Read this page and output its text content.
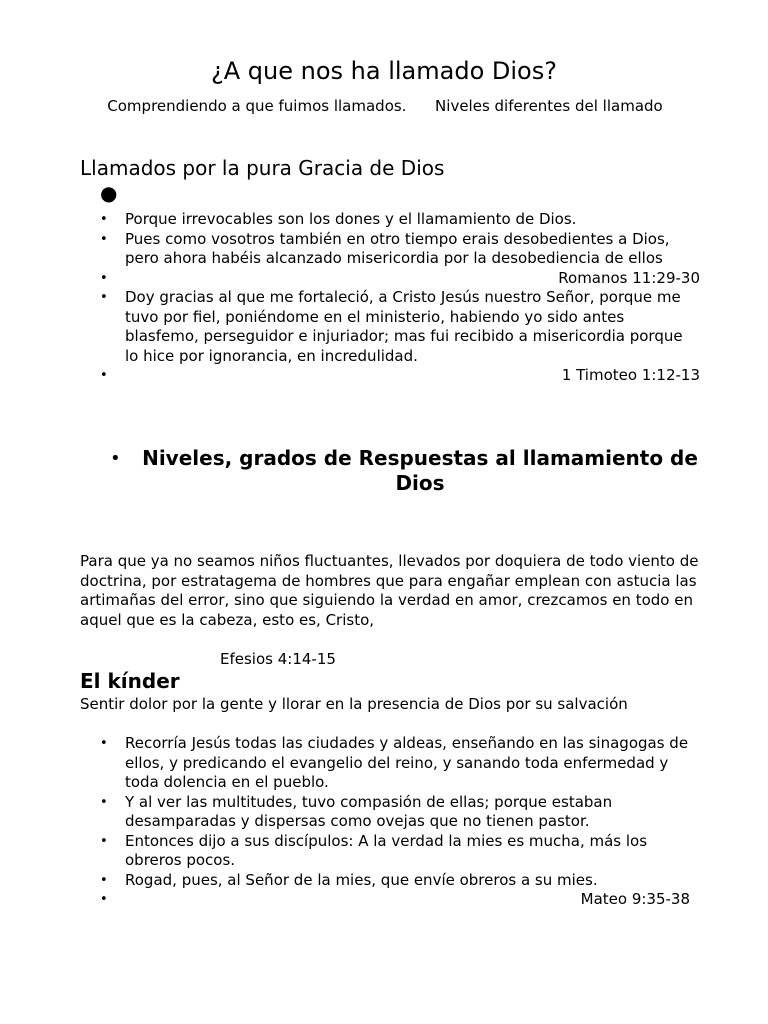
¿A que nos ha llamado Dios?

Comprendiendo a que fuimos llamados.      Niveles diferentes del llamado

Llamados por la pura Gracia de Dios
●
• Porque irrevocables son los dones y el llamamiento de Dios.
• Pues como vosotros también en otro tiempo erais desobedientes a Dios, pero ahora habéis alcanzado misericordia por la desobediencia de ellos
•	Romanos 11:29-30
• Doy gracias al que me fortaleció, a Cristo Jesús nuestro Señor, porque me tuvo por fiel, poniéndome en el ministerio, habiendo yo sido antes blasfemo, perseguidor e injuriador; mas fui recibido a misericordia porque lo hice por ignorancia, en incredulidad.
•	1 Timoteo 1:12-13
•	Niveles, grados de Respuestas al llamamiento de Dios

Para que ya no seamos niños fluctuantes, llevados por doquiera de todo viento de doctrina, por estratagema de hombres que para engañar emplean con astucia las artimañas del error, sino que siguiendo la verdad en amor, crezcamos en todo en aquel que es la cabeza, esto es, Cristo,

Efesios 4:14-15

El kínder

Sentir dolor por la gente y llorar en la presencia de Dios por su salvación

• Recorría Jesús todas las ciudades y aldeas, enseñando en las sinagogas de ellos, y predicando el evangelio del reino, y sanando toda enfermedad y toda dolencia en el pueblo.
• Y al ver las multitudes, tuvo compasión de ellas; porque estaban desamparadas y dispersas como ovejas que no tienen pastor.
• Entonces dijo a sus discípulos: A la verdad la mies es mucha, más los obreros pocos.
• Rogad, pues, al Señor de la mies, que envíe obreros a su mies.
•	Mateo 9:35-38
